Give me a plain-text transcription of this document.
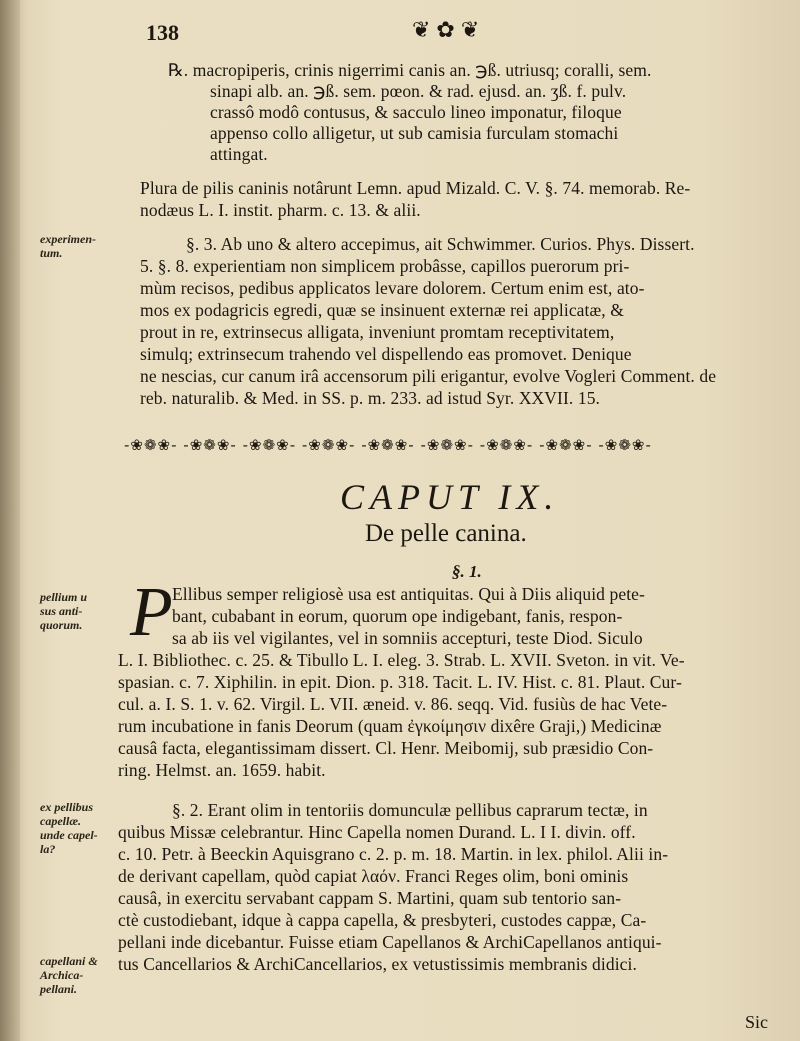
138	❦✿❦
℞. macropiperis, crinis nigerrimi canis an. ℈ß. utriusq; coralli, sem.
sinapi alb. an. ℈ß. sem. pœon. & rad. ejusd. an. ʒß. f. pulv.
crassô modô contusus, & sacculo lineo imponatur, filoque
appenso collo alligetur, ut sub camisia furculam stomachi
attingat.
Plura de pilis caninis notârunt Lemn. apud Mizald. C. V. §. 74. memorab. Re-
nodæus L. I. instit. pharm. c. 13. & alii.
experimen-
tum.	§. 3. Ab uno & altero accepimus, ait Schwimmer. Curios. Phys. Dissert.
5. §. 8. experientiam non simplicem probâsse, capillos puerorum pri-
mùm recisos, pedibus applicatos levare dolorem. Certum enim est, ato-
mos ex podagricis egredi, quæ se insinuent externæ rei applicatæ, &
prout in re, extrinsecus alligata, inveniunt promtam receptivitatem,
simulq; extrinsecum trahendo vel dispellendo eas promovet. Denique
ne nescias, cur canum irâ accensorum pili erigantur, evolve Vogleri Comment. de
reb. naturalib. & Med. in SS. p. m. 233. ad istud Syr. XXVII. 15.
-❀❁❀- -❀❁❀- -❀❁❀- -❀❁❀- -❀❁❀- -❀❁❀- -❀❁❀- -❀❁❀- -❀❁❀-
CAPUT IX.
De pelle canina.
§. 1.
pellium u
sus anti-
quorum. P Ellibus semper religiosè usa est antiquitas. Qui à Diis aliquid pete-
bant, cubabant in eorum, quorum ope indigebant, fanis, respon-
sa ab iis vel vigilantes, vel in somniis accepturi, teste Diod. Siculo
L. I. Bibliothec. c. 25. & Tibullo L. I. eleg. 3. Strab. L. XVII. Sveton. in vit. Ve-
spasian. c. 7. Xiphilin. in epit. Dion. p. 318. Tacit. L. IV. Hist. c. 81. Plaut. Cur-
cul. a. I. S. 1. v. 62. Virgil. L. VII. æneid. v. 86. seqq. Vid. fusiùs de hac Vete-
rum incubatione in fanis Deorum (quam ἐγκοίμησιν dixêre Graji,) Medicinæ
causâ facta, elegantissimam dissert. Cl. Henr. Meibomij, sub præsidio Con-
ring. Helmst. an. 1659. habit.
ex pellibus
capellæ.
unde capel-
la?
§. 2. Erant olim in tentoriis domunculæ pellibus caprarum tectæ, in
quibus Missæ celebrantur. Hinc Capella nomen Durand. L. I I. divin. off.
c. 10. Petr. à Beeckin Aquisgrano c. 2. p. m. 18. Martin. in lex. philol. Alii in-
de derivant capellam, quòd capiat λαόν. Franci Reges olim, boni ominis
causâ, in exercitu servabant cappam S. Martini, quam sub tentorio san-
ctè custodiebant, idque à cappa capella, & presbyteri, custodes cappæ, Ca-
pellani inde dicebantur. Fuisse etiam Capellanos & ArchiCapellanos antiqui-
tus Cancellarios & ArchiCancellarios, ex vetustissimis membranis didici.
capellani &
Archica-
pellani.
Sic
